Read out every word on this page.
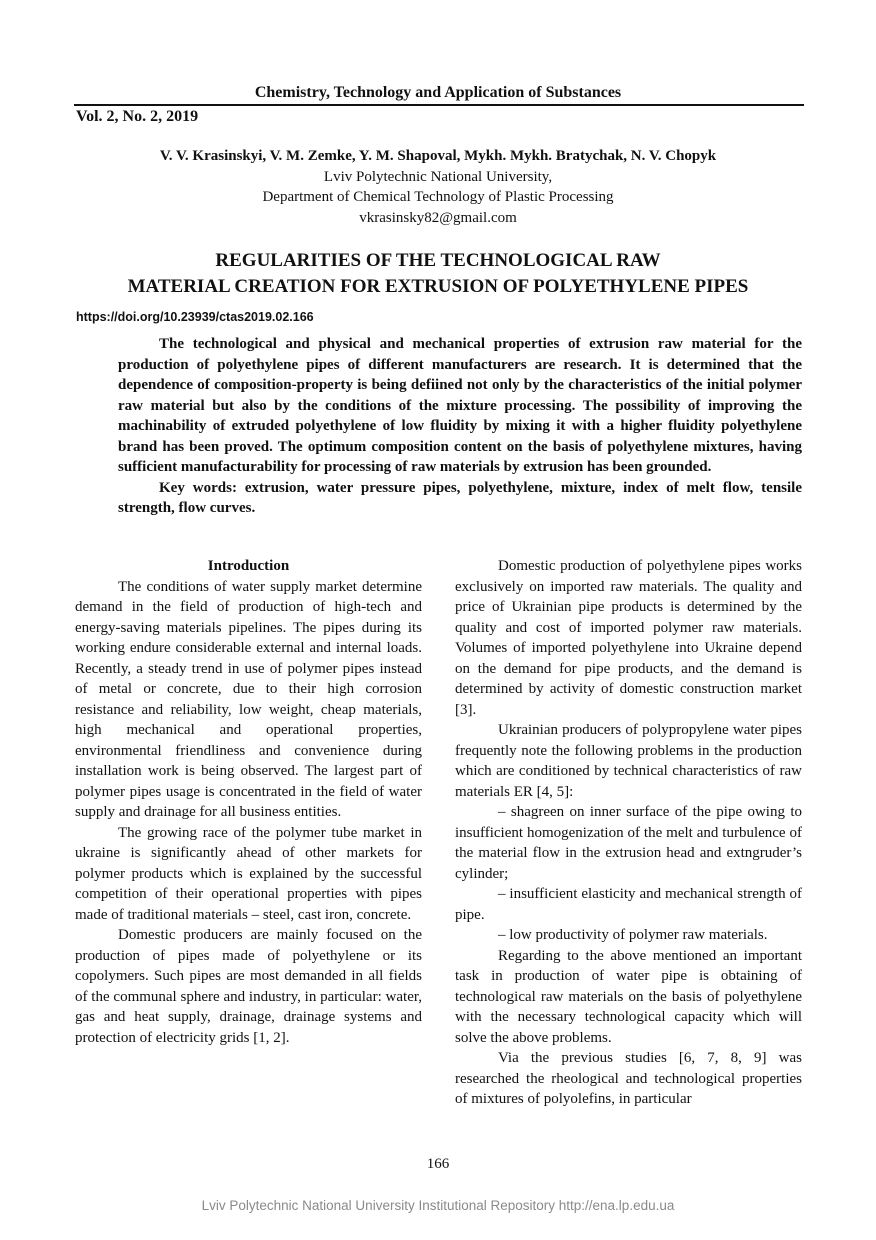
Chemistry, Technology and Application of Substances
Vol. 2, No. 2, 2019
V. V. Krasinskyi, V. M. Zemke, Y. M. Shapoval, Mykh. Mykh. Bratychak, N. V. Chopyk
Lviv Polytechnic National University,
Department of Chemical Technology of Plastic Processing
vkrasinsky82@gmail.com
REGULARITIES OF THE TECHNOLOGICAL RAW
MATERIAL CREATION FOR EXTRUSION OF POLYETHYLENE PIPES
https://doi.org/10.23939/ctas2019.02.166

The technological and physical and mechanical properties of extrusion raw material for the production of polyethylene pipes of different manufacturers are research. It is determined that the dependence of composition-property is being defiined not only by the characteristics of the initial polymer raw material but also by the conditions of the mixture processing. The possibility of improving the machinability of extruded polyethylene of low fluidity by mixing it with a higher fluidity polyethylene brand has been proved. The optimum composition content on the basis of polyethylene mixtures, having sufficient manufacturability for processing of raw materials by extrusion has been grounded.

Key words: extrusion, water pressure pipes, polyethylene, mixture, index of melt flow, tensile strength, flow curves.

Introduction

The conditions of water supply market determine demand in the field of production of high-tech and energy-saving materials pipelines. The pipes during its working endure considerable external and internal loads. Recently, a steady trend in use of polymer pipes instead of metal or concrete, due to their high corrosion resistance and reliability, low weight, cheap materials, high mechanical and operational properties, environmental friendliness and convenience during installation work is being observed. The largest part of polymer pipes usage is concentrated in the field of water supply and drainage for all business entities.

The growing race of the polymer tube market in ukraine is significantly ahead of other markets for polymer products which is explained by the successful competition of their operational properties with pipes made of traditional materials – steel, cast iron, concrete.

Domestic producers are mainly focused on the production of pipes made of polyethylene or its copolymers. Such pipes are most demanded in all fields of the communal sphere and industry, in particular: water, gas and heat supply, drainage, drainage systems and protection of electricity grids [1, 2].

Domestic production of polyethylene pipes works exclusively on imported raw materials. The quality and price of Ukrainian pipe products is determined by the quality and cost of imported polymer raw materials. Volumes of imported polyethylene into Ukraine depend on the demand for pipe products, and the demand is determined by activity of domestic construction market [3].

Ukrainian producers of polypropylene water pipes frequently note the following problems in the production which are conditioned by technical characteristics of raw materials ER [4, 5]:

– shagreen on inner surface of the pipe owing to insufficient homogenization of the melt and turbulence of the material flow in the extrusion head and extngruder’s cylinder;

– insufficient elasticity and mechanical strength of pipe.

– low productivity of polymer raw materials.

Regarding to the above mentioned an important task in production of water pipe is obtaining of technological raw materials on the basis of polyethylene with the necessary technological capacity which will solve the above problems.

Via the previous studies [6, 7, 8, 9] was researched the rheological and technological properties of mixtures of polyolefins, in particular

166
Lviv Polytechnic National University Institutional Repository http://ena.lp.edu.ua
